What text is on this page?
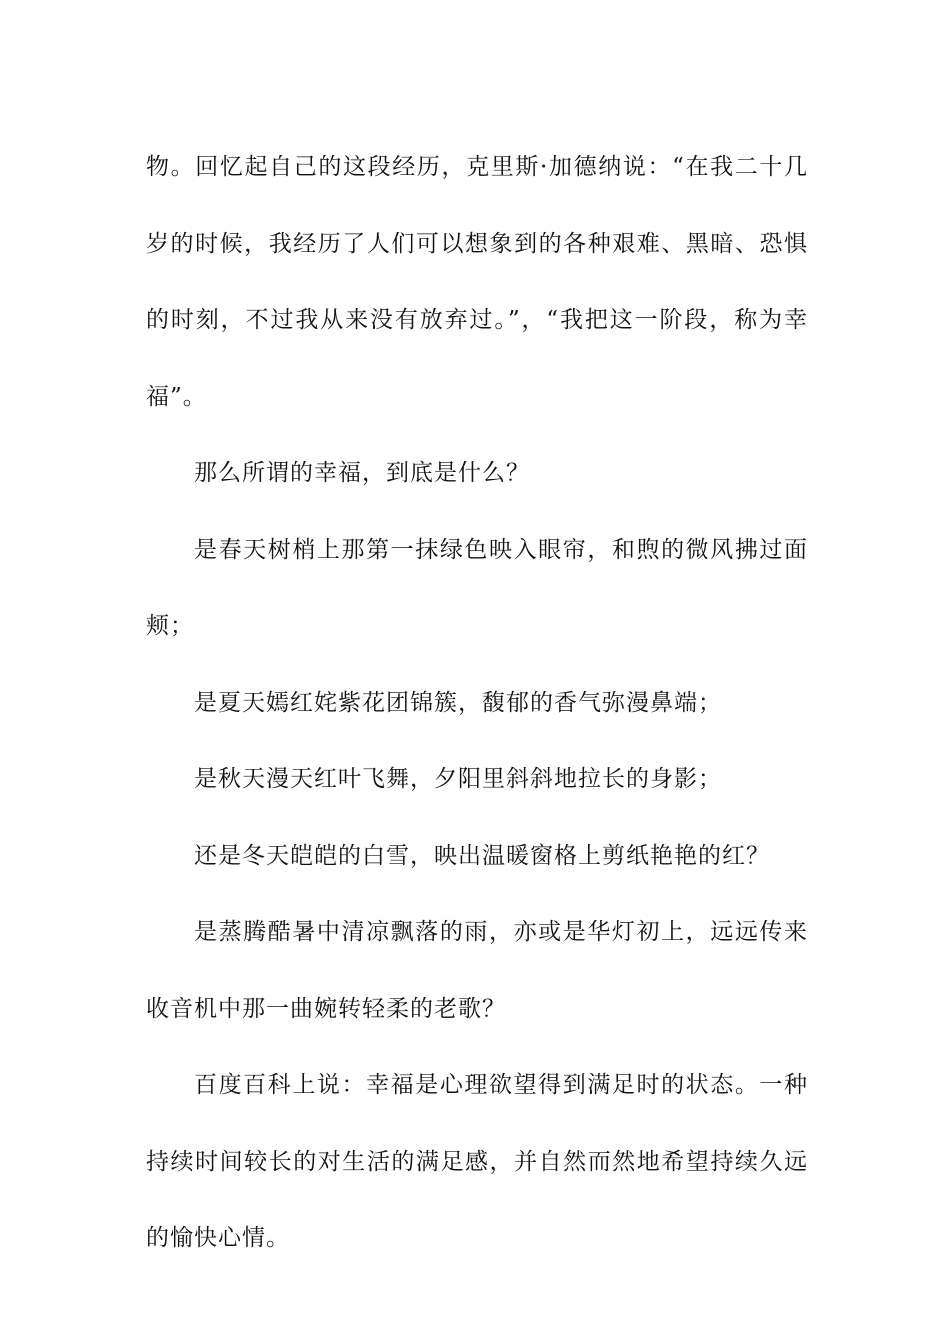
物。回忆起自己的这段经历，克里斯·加德纳说：“在我二十几岁的时候，我经历了人们可以想象到的各种艰难、黑暗、恐惧的时刻，不过我从来没有放弃过。”，“我把这一阶段，称为幸福”。

那么所谓的幸福，到底是什么？

是春天树梢上那第一抹绿色映入眼帘，和煦的微风拂过面颊；

是夏天嫣红姹紫花团锦簇，馥郁的香气弥漫鼻端；

是秋天漫天红叶飞舞，夕阳里斜斜地拉长的身影；

还是冬天皑皑的白雪，映出温暖窗格上剪纸艳艳的红？

是蒸腾酷暑中清凉飘落的雨，亦或是华灯初上，远远传来收音机中那一曲婉转轻柔的老歌？

百度百科上说：幸福是心理欲望得到满足时的状态。一种持续时间较长的对生活的满足感，并自然而然地希望持续久远的愉快心情。
